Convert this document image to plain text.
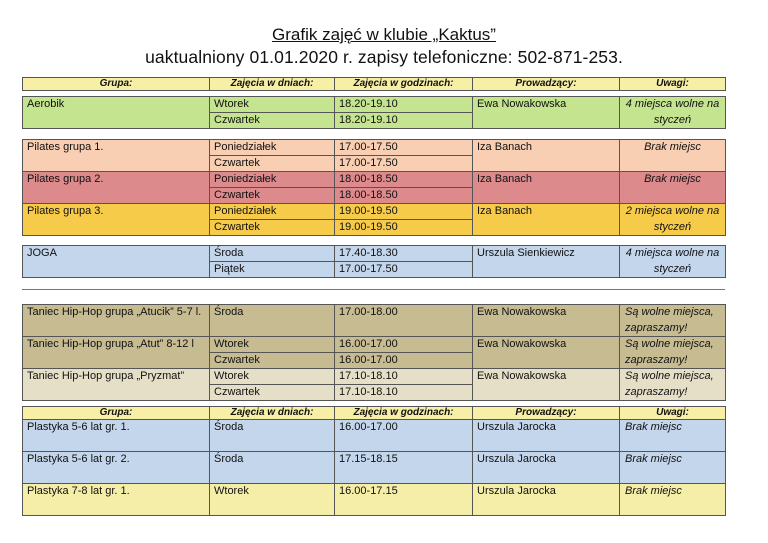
Grafik zajęć w klubie „Kaktus”
uaktualniony 01.01.2020 r. zapisy telefoniczne: 502-871-253.
Grupa:	Zajęcia w dniach:	Zajęcia w godzinach:	Prowadzący:	Uwagi:
Aerobik	Wtorek	18.20-19.10	Ewa Nowakowska	4 miejsca wolne na styczeń
	Czwartek	18.20-19.10		
Pilates grupa 1.	Poniedziałek	17.00-17.50	Iza Banach	Brak miejsc
	Czwartek	17.00-17.50		
Pilates grupa 2.	Poniedziałek	18.00-18.50	Iza Banach	Brak miejsc
	Czwartek	18.00-18.50		
Pilates grupa 3.	Poniedziałek	19.00-19.50	Iza Banach	2 miejsca wolne na styczeń
	Czwartek	19.00-19.50		
JOGA	Środa	17.40-18.30	Urszula Sienkiewicz	4 miejsca wolne na styczeń
	Piątek	17.00-17.50		
Taniec Hip-Hop grupa „Atucik” 5-7 l.	Środa	17.00-18.00	Ewa Nowakowska	Są wolne miejsca, zapraszamy!
Taniec Hip-Hop grupa „Atut” 8-12 l	Wtorek	16.00-17.00	Ewa Nowakowska	Są wolne miejsca, zapraszamy!
	Czwartek	16.00-17.00		
Taniec Hip-Hop grupa „Pryzmat”	Wtorek	17.10-18.10	Ewa Nowakowska	Są wolne miejsca, zapraszamy!
	Czwartek	17.10-18.10		
Grupa:	Zajęcia w dniach:	Zajęcia w godzinach:	Prowadzący:	Uwagi:
Plastyka 5-6 lat gr. 1.	Środa	16.00-17.00	Urszula Jarocka	Brak miejsc
Plastyka 5-6 lat gr. 2.	Środa	17.15-18.15	Urszula Jarocka	Brak miejsc
Plastyka 7-8 lat gr. 1.	Wtorek	16.00-17.15	Urszula Jarocka	Brak miejsc
